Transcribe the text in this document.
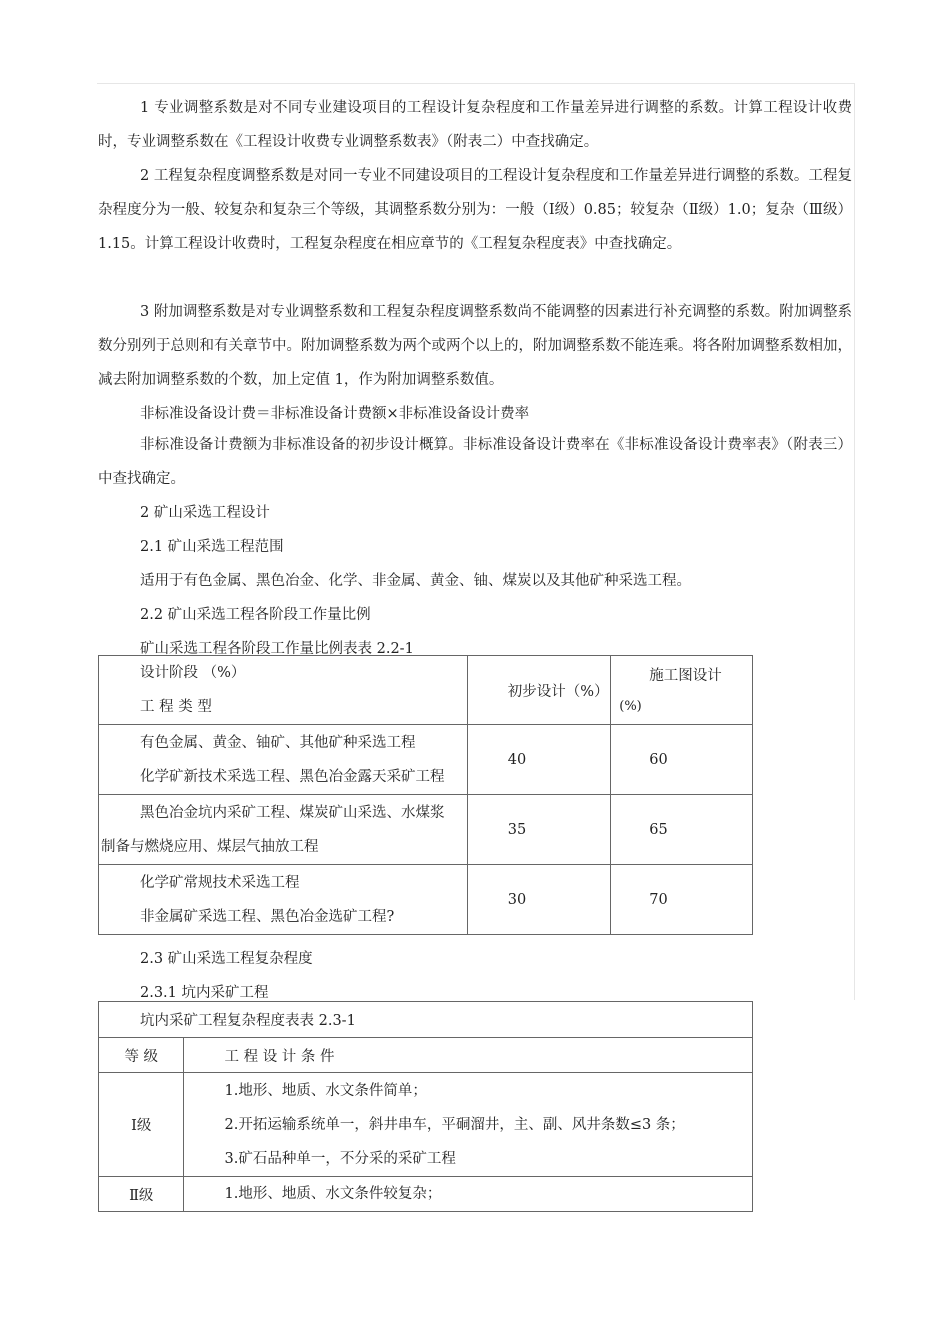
1 专业调整系数是对不同专业建设项目的工程设计复杂程度和工作量差异进行调整的系数。计算工程设计收费时，专业调整系数在《工程设计收费专业调整系数表》（附表二）中查找确定。

2 工程复杂程度调整系数是对同一专业不同建设项目的工程设计复杂程度和工作量差异进行调整的系数。工程复杂程度分为一般、较复杂和复杂三个等级，其调整系数分别为：一般（Ⅰ级）0.85；较复杂（Ⅱ级）1.0；复杂（Ⅲ级）1.15。计算工程设计收费时，工程复杂程度在相应章节的《工程复杂程度表》中查找确定。

3 附加调整系数是对专业调整系数和工程复杂程度调整系数尚不能调整的因素进行补充调整的系数。附加调整系数分别列于总则和有关章节中。附加调整系数为两个或两个以上的，附加调整系数不能连乘。将各附加调整系数相加，减去附加调整系数的个数，加上定值 1，作为附加调整系数值。

非标准设备设计费＝非标准设备计费额×非标准设备设计费率

非标准设备计费额为非标准设备的初步设计概算。非标准设备设计费率在《非标准设备设计费率表》（附表三）中查找确定。

2 矿山采选工程设计

2.1 矿山采选工程范围

适用于有色金属、黑色冶金、化学、非金属、黄金、铀、煤炭以及其他矿种采选工程。

2.2 矿山采选工程各阶段工作量比例

矿山采选工程各阶段工作量比例表表 2.2-1

设计阶段 （%）
工 程 类 型	初步设计（%）	施工图设计
(%)

有色金属、黄金、铀矿、其他矿种采选工程
化学矿新技术采选工程、黑色冶金露天采矿工程	40	60

黑色冶金坑内采矿工程、煤炭矿山采选、水煤浆
制备与燃烧应用、煤层气抽放工程	35	65

化学矿常规技术采选工程
非金属矿采选工程、黑色冶金选矿工程?	30	70

2.3 矿山采选工程复杂程度

2.3.1 坑内采矿工程

坑内采矿工程复杂程度表表 2.3-1	
等 级	工 程 设 计 条 件
Ⅰ级	1.地形、地质、水文条件简单；
2.开拓运输系统单一，斜井串车，平硐溜井，主、副、风井条数≤3 条；
3.矿石品种单一，不分采的采矿工程

Ⅱ级	1.地形、地质、水文条件较复杂；
